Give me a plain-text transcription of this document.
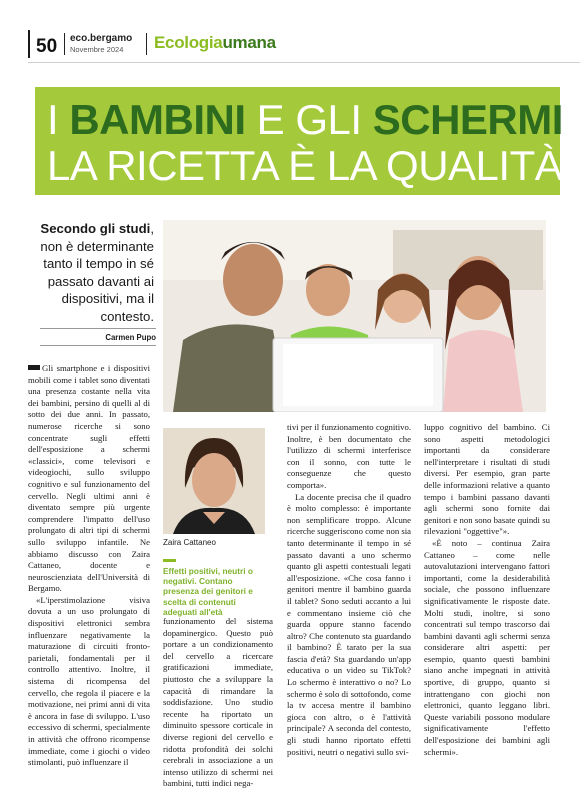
50 eco.bergamo
Novembre 2024 Ecologiaumana
I BAMBINI E GLI SCHERMI
LA RICETTA È LA QUALITÀ
Secondo gli studi, non è determinante tanto il tempo in sé passato davanti ai dispositivi, ma il contesto.
Carmen Pupo
Zaira Cattaneo
Effetti positivi, neutri o negativi. Contano presenza dei genitori e scelta di contenuti adeguati all'età

Gli smartphone e i dispositivi mobili come i tablet sono diventati una presenza costante nella vita dei bambini, persino di quelli al di sotto dei due anni. In passato, numerose ricerche si sono concentrate sugli effetti dell'esposizione a schermi «classici», come televisori e videogiochi, sullo sviluppo cognitivo e sul funzionamento del cervello. Negli ultimi anni è diventato sempre più urgente comprendere l'impatto dell'uso prolungato di altri tipi di schermi sullo sviluppo infantile. Ne abbiamo discusso con Zaira Cattaneo, docente e neuroscienziata dell'Università di Bergamo.

«L'iperstimolazione visiva dovuta a un uso prolungato di dispositivi elettronici sembra influenzare negativamente la maturazione di circuiti fronto-parietali, fondamentali per il controllo attentivo. Inoltre, il sistema di ricompensa del cervello, che regola il piacere e la motivazione, nei primi anni di vita è ancora in fase di sviluppo. L'uso eccessivo di schermi, specialmente in attività che offrono ricompense immediate, come i giochi o video stimolanti, può influenzare il

funzionamento del sistema dopaminergico. Questo può portare a un condizionamento del cervello a ricercare gratificazioni immediate, piuttosto che a sviluppare la capacità di rimandare la soddisfazione. Uno studio recente ha riportato un diminuito spessore corticale in diverse regioni del cervello e ridotta profondità dei solchi cerebrali in associazione a un intenso utilizzo di schermi nei bambini, tutti indici nega-

tivi per il funzionamento cognitivo. Inoltre, è ben documentato che l'utilizzo di schermi interferisce con il sonno, con tutte le conseguenze che questo comporta».

La docente precisa che il quadro è molto complesso: è importante non semplificare troppo. Alcune ricerche suggeriscono come non sia tanto determinante il tempo in sé passato davanti a uno schermo quanto gli aspetti contestuali legati all'esposizione. «Che cosa fanno i genitori mentre il bambino guarda il tablet? Sono seduti accanto a lui e commentano insieme ciò che guarda oppure stanno facendo altro? Che contenuto sta guardando il bambino? È tarato per la sua fascia d'età? Sta guardando un'app educativa o un video su TikTok? Lo schermo è interattivo o no? Lo schermo è solo di sottofondo, come la tv accesa mentre il bambino gioca con altro, o è l'attività principale? A seconda del contesto, gli studi hanno riportato effetti positivi, neutri o negativi sullo svi-

luppo cognitivo del bambino. Ci sono aspetti metodologici importanti da considerare nell'interpretare i risultati di studi diversi. Per esempio, gran parte delle informazioni relative a quanto tempo i bambini passano davanti agli schermi sono fornite dai genitori e non sono basate quindi su rilevazioni "oggettive"».

«È noto – continua Zaira Cattaneo – come nelle autovalutazioni intervengano fattori importanti, come la desiderabilità sociale, che possono influenzare significativamente le risposte date. Molti studi, inoltre, si sono concentrati sul tempo trascorso dai bambini davanti agli schermi senza considerare altri aspetti: per esempio, quanto questi bambini siano anche impegnati in attività sportive, di gruppo, quanto si intrattengano con giochi non elettronici, quanto leggano libri. Queste variabili possono modulare significativamente l'effetto dell'esposizione dei bambini agli schermi».
